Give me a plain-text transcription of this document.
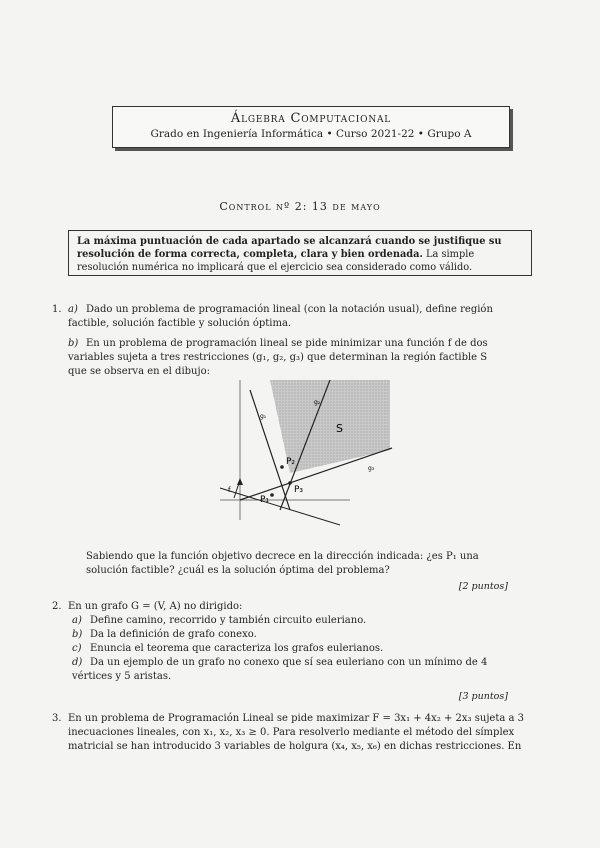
Álgebra Computacional
Grado en Ingeniería Informática • Curso 2021-22 • Grupo A
Control nº 2: 13 de mayo
La máxima puntuación de cada apartado se alcanzará cuando se justifique su resolución de forma correcta, completa, clara y bien ordenada. La simple resolución numérica no implicará que el ejercicio sea considerado como válido.
1. a) Dado un problema de programación lineal (con la notación usual), define región factible, solución factible y solución óptima.
b) En un problema de programación lineal se pide minimizar una función f de dos variables sujeta a tres restricciones (g₁, g₂, g₃) que determinan la región factible S que se observa en el dibujo:
S
P₁
P₂
P₃
g₁
g₂
g₃
f
Sabiendo que la función objetivo decrece en la dirección indicada: ¿es P₁ una solución factible? ¿cuál es la solución óptima del problema?
[2 puntos]
2. En un grafo G = (V, A) no dirigido:
a) Define camino, recorrido y también circuito euleriano.
b) Da la definición de grafo conexo.
c) Enuncia el teorema que caracteriza los grafos eulerianos.
d) Da un ejemplo de un grafo no conexo que sí sea euleriano con un mínimo de 4 vértices y 5 aristas.
[3 puntos]
3. En un problema de Programación Lineal se pide maximizar F = 3x₁ + 4x₂ + 2x₃ sujeta a 3
inecuaciones lineales, con x₁, x₂, x₃ ≥ 0. Para resolverlo mediante el método del símplex
matricial se han introducido 3 variables de holgura (x₄, x₅, x₆) en dichas restricciones. En
